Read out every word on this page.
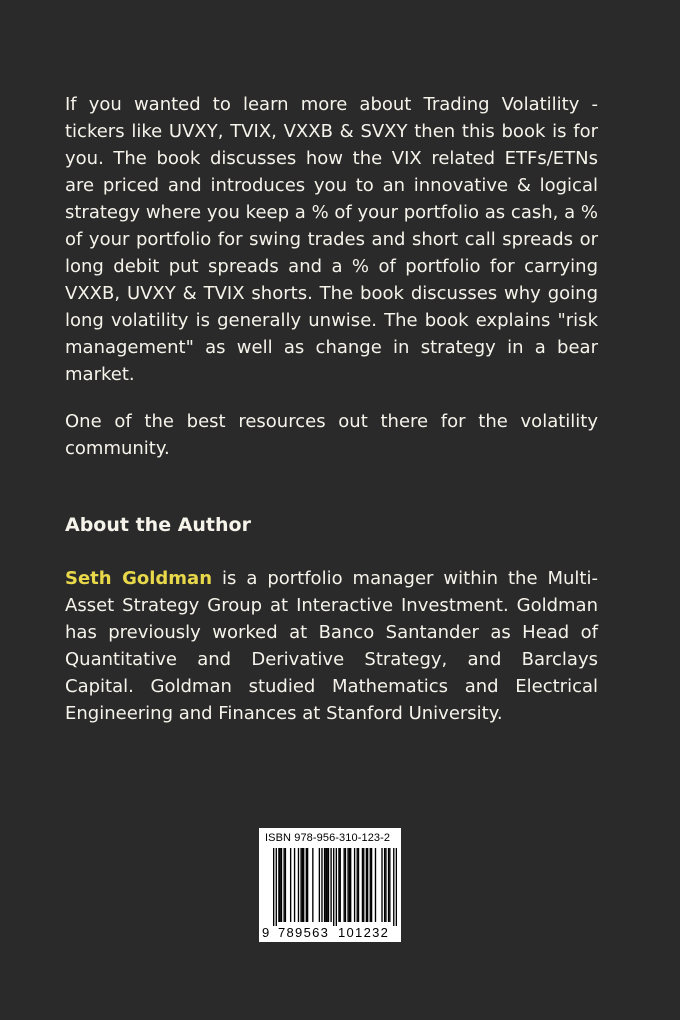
If you wanted to learn more about Trading Volatility - tickers like UVXY, TVIX, VXXB & SVXY then this book is for you. The book discusses how the VIX related ETFs/ETNs are priced and introduces you to an innovative & logical strategy where you keep a % of your portfolio as cash, a % of your portfolio for swing trades and short call spreads or long debit put spreads and a % of portfolio for carrying VXXB, UVXY & TVIX shorts. The book discusses why going long volatility is generally unwise. The book explains "risk management" as well as change in strategy in a bear market.

One of the best resources out there for the volatility community.

About the Author

Seth Goldman is a portfolio manager within the Multi-Asset Strategy Group at Interactive Investment. Goldman has previously worked at Banco Santander as Head of Quantitative and Derivative Strategy, and Barclays Capital. Goldman studied Mathematics and Electrical Engineering and Finances at Stanford University.

ISBN 978-956-310-123-2
9 789563 101232
